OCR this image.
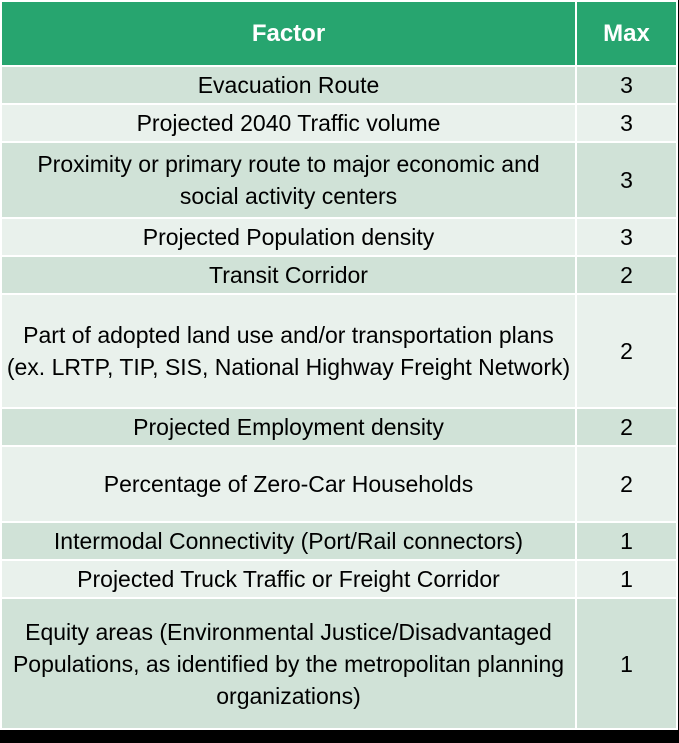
Factor	Max
Evacuation Route	3
Projected 2040 Traffic volume	3
Proximity or primary route to major economic and social activity centers	3
Projected Population density	3
Transit Corridor	2
Part of adopted land use and/or transportation plans (ex. LRTP, TIP, SIS, National Highway Freight Network)	2
Projected Employment density	2
Percentage of Zero-Car Households	2
Intermodal Connectivity (Port/Rail connectors)	1
Projected Truck Traffic or Freight Corridor	1
Equity areas (Environmental Justice/Disadvantaged Populations, as identified by the metropolitan planning organizations)	1
